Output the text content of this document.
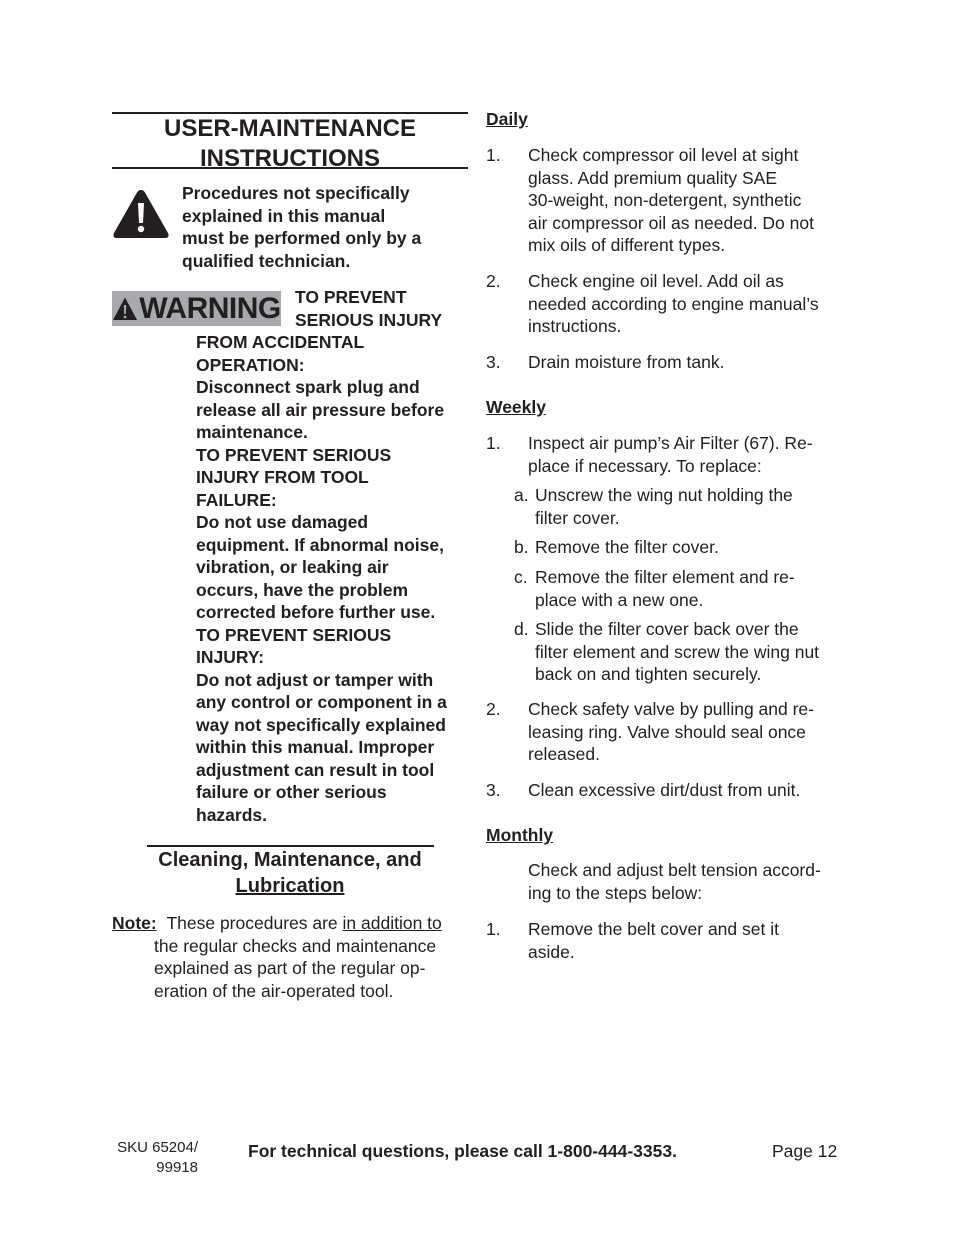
USER-MAINTENANCE
INSTRUCTIONS
Procedures not specifically
explained in this manual
must be performed only by a
qualified technician.
WARNING TO PREVENT
SERIOUS INJURY
FROM ACCIDENTAL
OPERATION:
Disconnect spark plug and
release all air pressure before
maintenance.
TO PREVENT SERIOUS
INJURY FROM TOOL
FAILURE:
Do not use damaged
equipment. If abnormal noise,
vibration, or leaking air
occurs, have the problem
corrected before further use.
TO PREVENT SERIOUS
INJURY:
Do not adjust or tamper with
any control or component in a
way not specifically explained
within this manual. Improper
adjustment can result in tool
failure or other serious
hazards.
Cleaning, Maintenance, and
Lubrication
Note: These procedures are in addition to
the regular checks and maintenance
explained as part of the regular op-
eration of the air-operated tool.
Daily
1. Check compressor oil level at sight
glass. Add premium quality SAE
30-weight, non-detergent, synthetic
air compressor oil as needed. Do not
mix oils of different types.
2. Check engine oil level. Add oil as
needed according to engine manual’s
instructions.
3. Drain moisture from tank.
Weekly
1. Inspect air pump’s Air Filter (67). Re-
place if necessary. To replace:
a. Unscrew the wing nut holding the
filter cover.
b. Remove the filter cover.
c. Remove the filter element and re-
place with a new one.
d. Slide the filter cover back over the
filter element and screw the wing nut
back on and tighten securely.
2. Check safety valve by pulling and re-
leasing ring. Valve should seal once
released.
3. Clean excessive dirt/dust from unit.
Monthly
Check and adjust belt tension accord-
ing to the steps below:
1. Remove the belt cover and set it
aside.
SKU 65204/
99918
For technical questions, please call 1-800-444-3353.	Page 12
